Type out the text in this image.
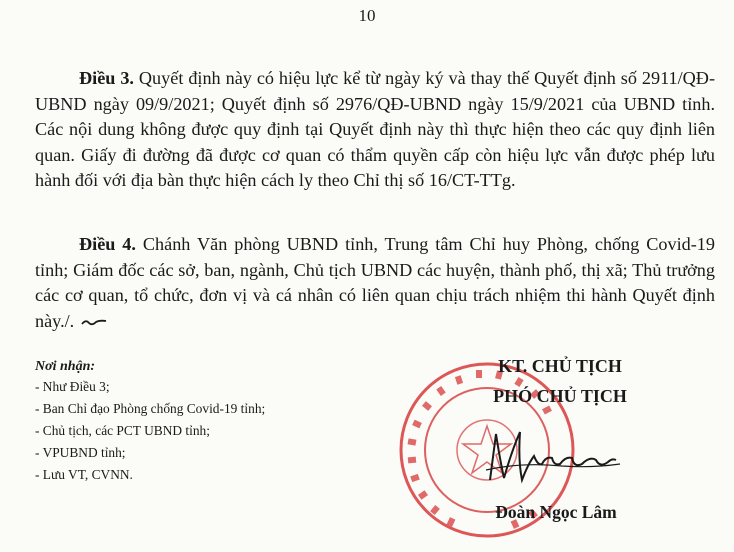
10
Điều 3. Quyết định này có hiệu lực kể từ ngày ký và thay thế Quyết định số 2911/QĐ-UBND ngày 09/9/2021; Quyết định số 2976/QĐ-UBND ngày 15/9/2021 của UBND tỉnh. Các nội dung không được quy định tại Quyết định này thì thực hiện theo các quy định liên quan. Giấy đi đường đã được cơ quan có thẩm quyền cấp còn hiệu lực vẫn được phép lưu hành đối với địa bàn thực hiện cách ly theo Chỉ thị số 16/CT-TTg.
Điều 4. Chánh Văn phòng UBND tỉnh, Trung tâm Chỉ huy Phòng, chống Covid-19 tỉnh; Giám đốc các sở, ban, ngành, Chủ tịch UBND các huyện, thành phố, thị xã; Thủ trưởng các cơ quan, tổ chức, đơn vị và cá nhân có liên quan chịu trách nhiệm thi hành Quyết định này./.
Nơi nhận:
- Như Điều 3;
- Ban Chỉ đạo Phòng chống Covid-19 tỉnh;
- Chủ tịch, các PCT UBND tỉnh;
- VPUBND tỉnh;
- Lưu VT, CVNN.
KT. CHỦ TỊCH
PHÓ CHỦ TỊCH
Đoàn Ngọc Lâm
